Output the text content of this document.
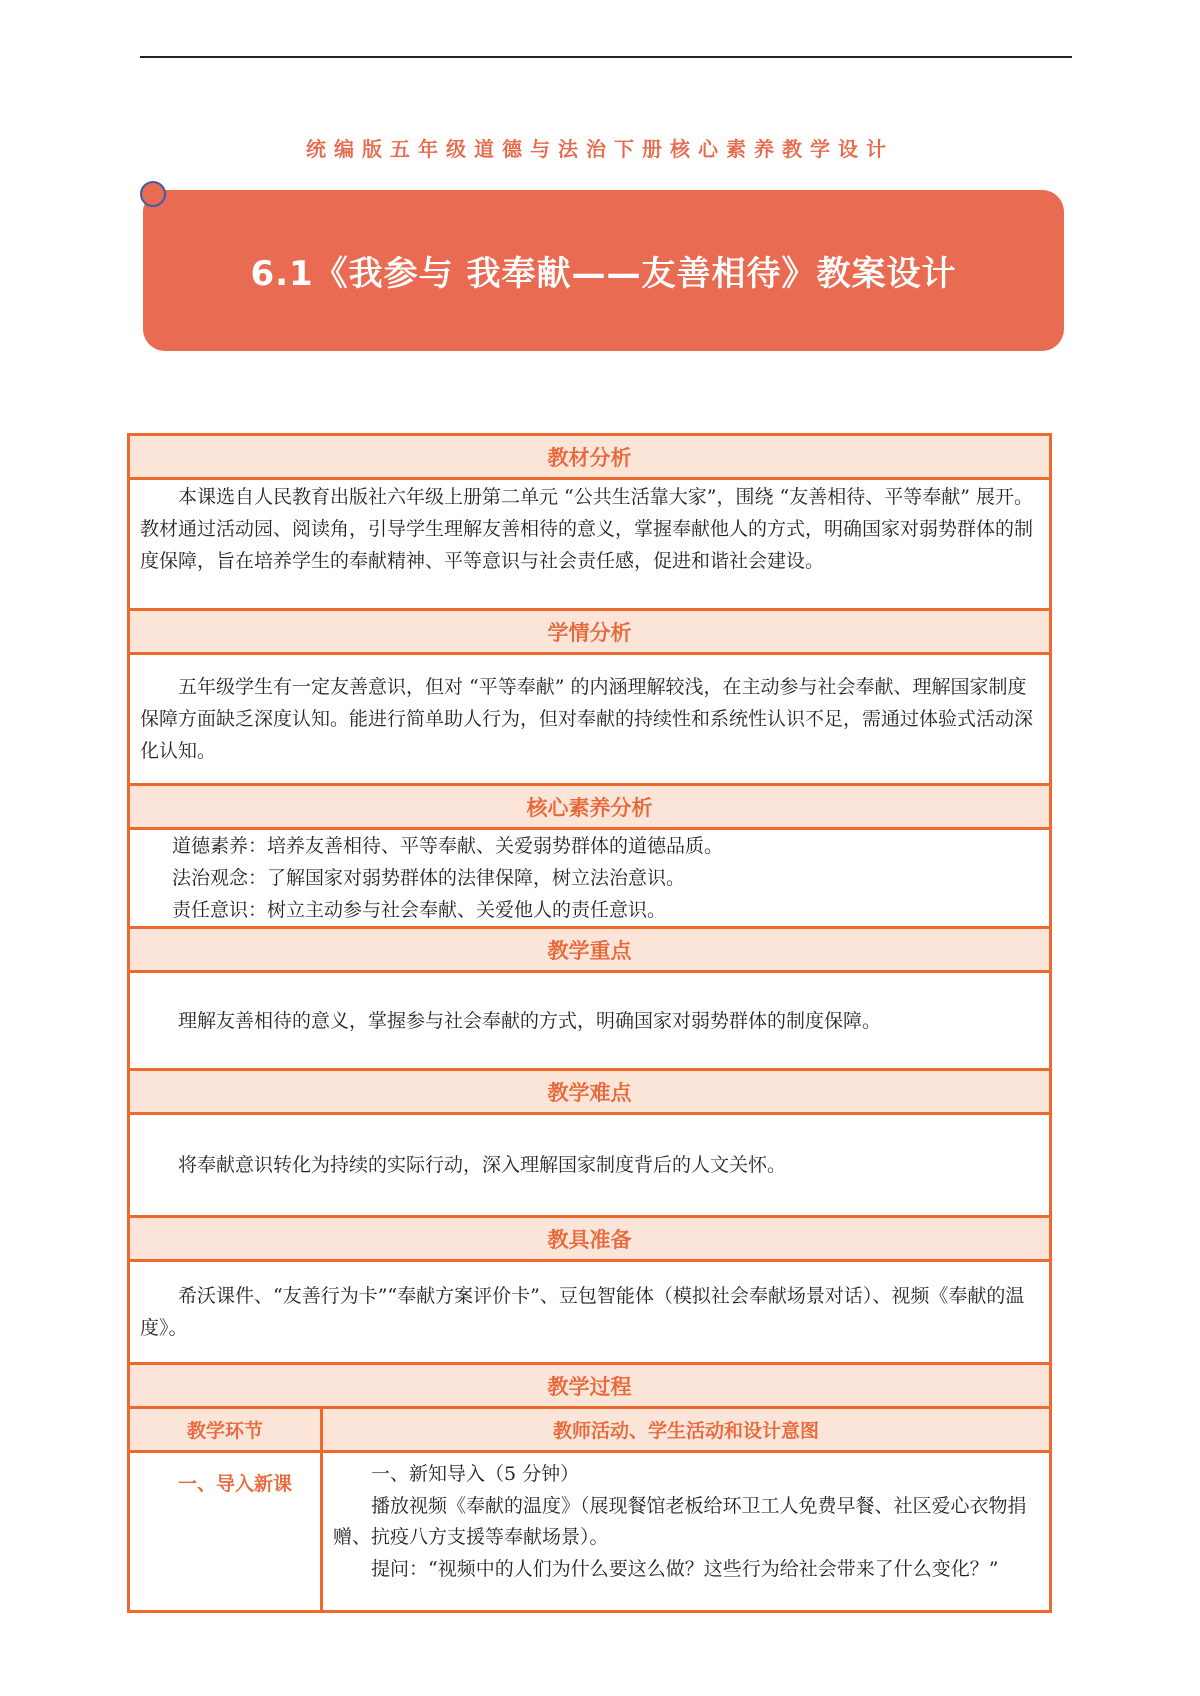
统编版五年级道德与法治下册核心素养教学设计
6.1《我参与 我奉献——友善相待》教案设计
教材分析

本课选自人民教育出版社六年级上册第二单元 “公共生活靠大家”，围绕 “友善相待、平等奉献” 展开。教材通过活动园、阅读角，引导学生理解友善相待的意义，掌握奉献他人的方式，明确国家对弱势群体的制度保障，旨在培养学生的奉献精神、平等意识与社会责任感，促进和谐社会建设。

学情分析

五年级学生有一定友善意识，但对 “平等奉献” 的内涵理解较浅，在主动参与社会奉献、理解国家制度保障方面缺乏深度认知。能进行简单助人行为，但对奉献的持续性和系统性认识不足，需通过体验式活动深化认知。

核心素养分析

道德素养：培养友善相待、平等奉献、关爱弱势群体的道德品质。

法治观念：了解国家对弱势群体的法律保障，树立法治意识。

责任意识：树立主动参与社会奉献、关爱他人的责任意识。

教学重点

理解友善相待的意义，掌握参与社会奉献的方式，明确国家对弱势群体的制度保障。

教学难点

将奉献意识转化为持续的实际行动，深入理解国家制度背后的人文关怀。

教具准备

希沃课件、“友善行为卡”“奉献方案评价卡”、豆包智能体（模拟社会奉献场景对话）、视频《奉献的温度》。

教学过程
教学环节	教师活动、学生活动和设计意图
一、导入新课	一、新知导入（5 分钟）

播放视频《奉献的温度》（展现餐馆老板给环卫工人免费早餐、社区爱心衣物捐赠、抗疫八方支援等奉献场景）。

提问：“视频中的人们为什么要这么做？这些行为给社会带来了什么变化？”
